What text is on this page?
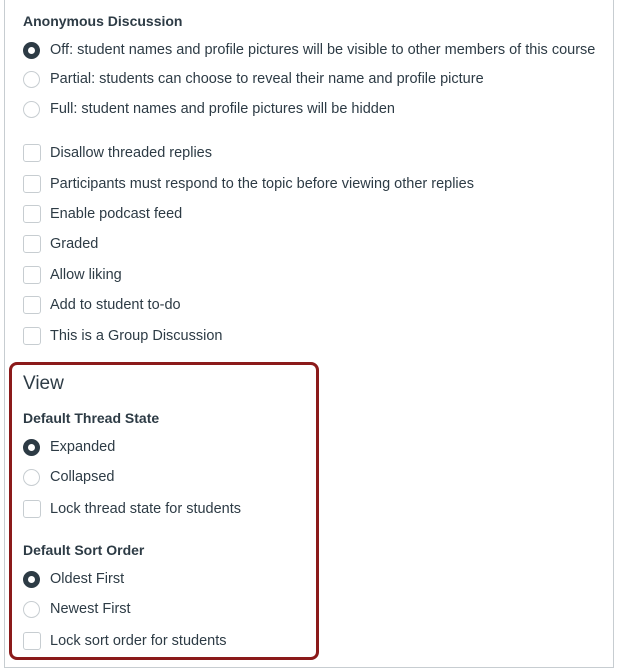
Anonymous Discussion
Off: student names and profile pictures will be visible to other members of this course
Partial: students can choose to reveal their name and profile picture
Full: student names and profile pictures will be hidden
Disallow threaded replies
Participants must respond to the topic before viewing other replies
Enable podcast feed
Graded
Allow liking
Add to student to-do
This is a Group Discussion
View
Default Thread State
Expanded
Collapsed
Lock thread state for students
Default Sort Order
Oldest First
Newest First
Lock sort order for students
